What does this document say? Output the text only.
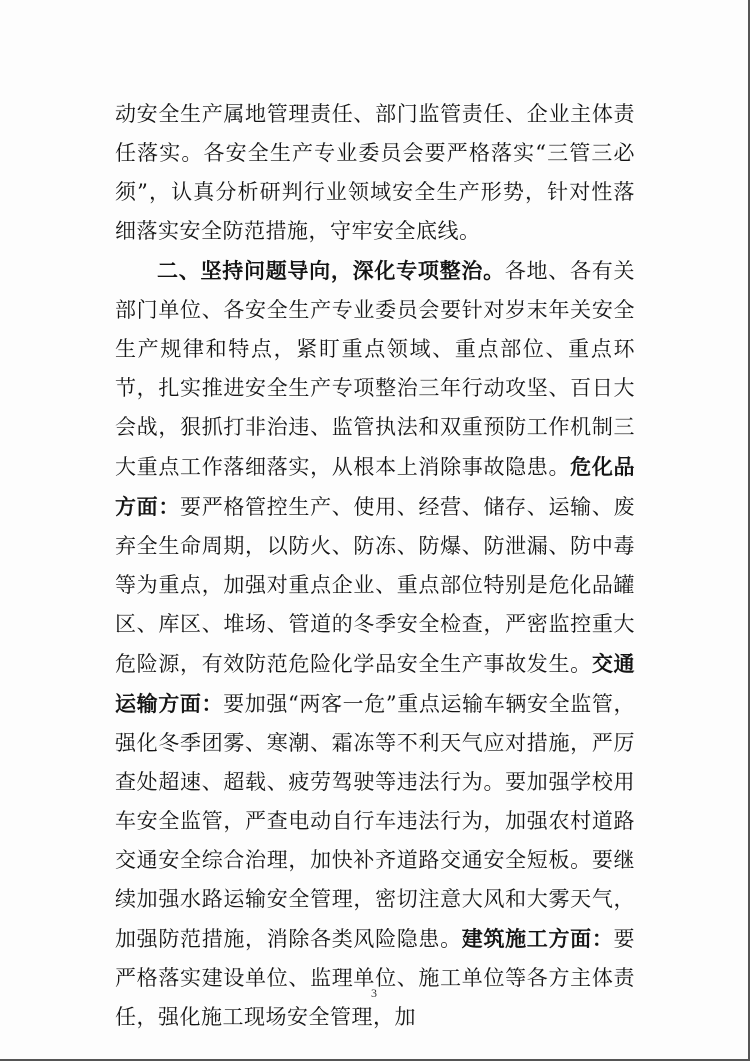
动安全生产属地管理责任、部门监管责任、企业主体责任落实。各安全生产专业委员会要严格落实“三管三必须”，认真分析研判行业领域安全生产形势，针对性落细落实安全防范措施，守牢安全底线。

二、坚持问题导向，深化专项整治。各地、各有关部门单位、各安全生产专业委员会要针对岁末年关安全生产规律和特点，紧盯重点领域、重点部位、重点环节，扎实推进安全生产专项整治三年行动攻坚、百日大会战，狠抓打非治违、监管执法和双重预防工作机制三大重点工作落细落实，从根本上消除事故隐患。危化品方面：要严格管控生产、使用、经营、储存、运输、废弃全生命周期，以防火、防冻、防爆、防泄漏、防中毒等为重点，加强对重点企业、重点部位特别是危化品罐区、库区、堆场、管道的冬季安全检查，严密监控重大危险源，有效防范危险化学品安全生产事故发生。交通运输方面：要加强“两客一危”重点运输车辆安全监管，强化冬季团雾、寒潮、霜冻等不利天气应对措施，严厉查处超速、超载、疲劳驾驶等违法行为。要加强学校用车安全监管，严查电动自行车违法行为，加强农村道路交通安全综合治理，加快补齐道路交通安全短板。要继续加强水路运输安全管理，密切注意大风和大雾天气，加强防范措施，消除各类风险隐患。建筑施工方面：要严格落实建设单位、监理单位、施工单位等各方主体责任，强化施工现场安全管理，加

3
